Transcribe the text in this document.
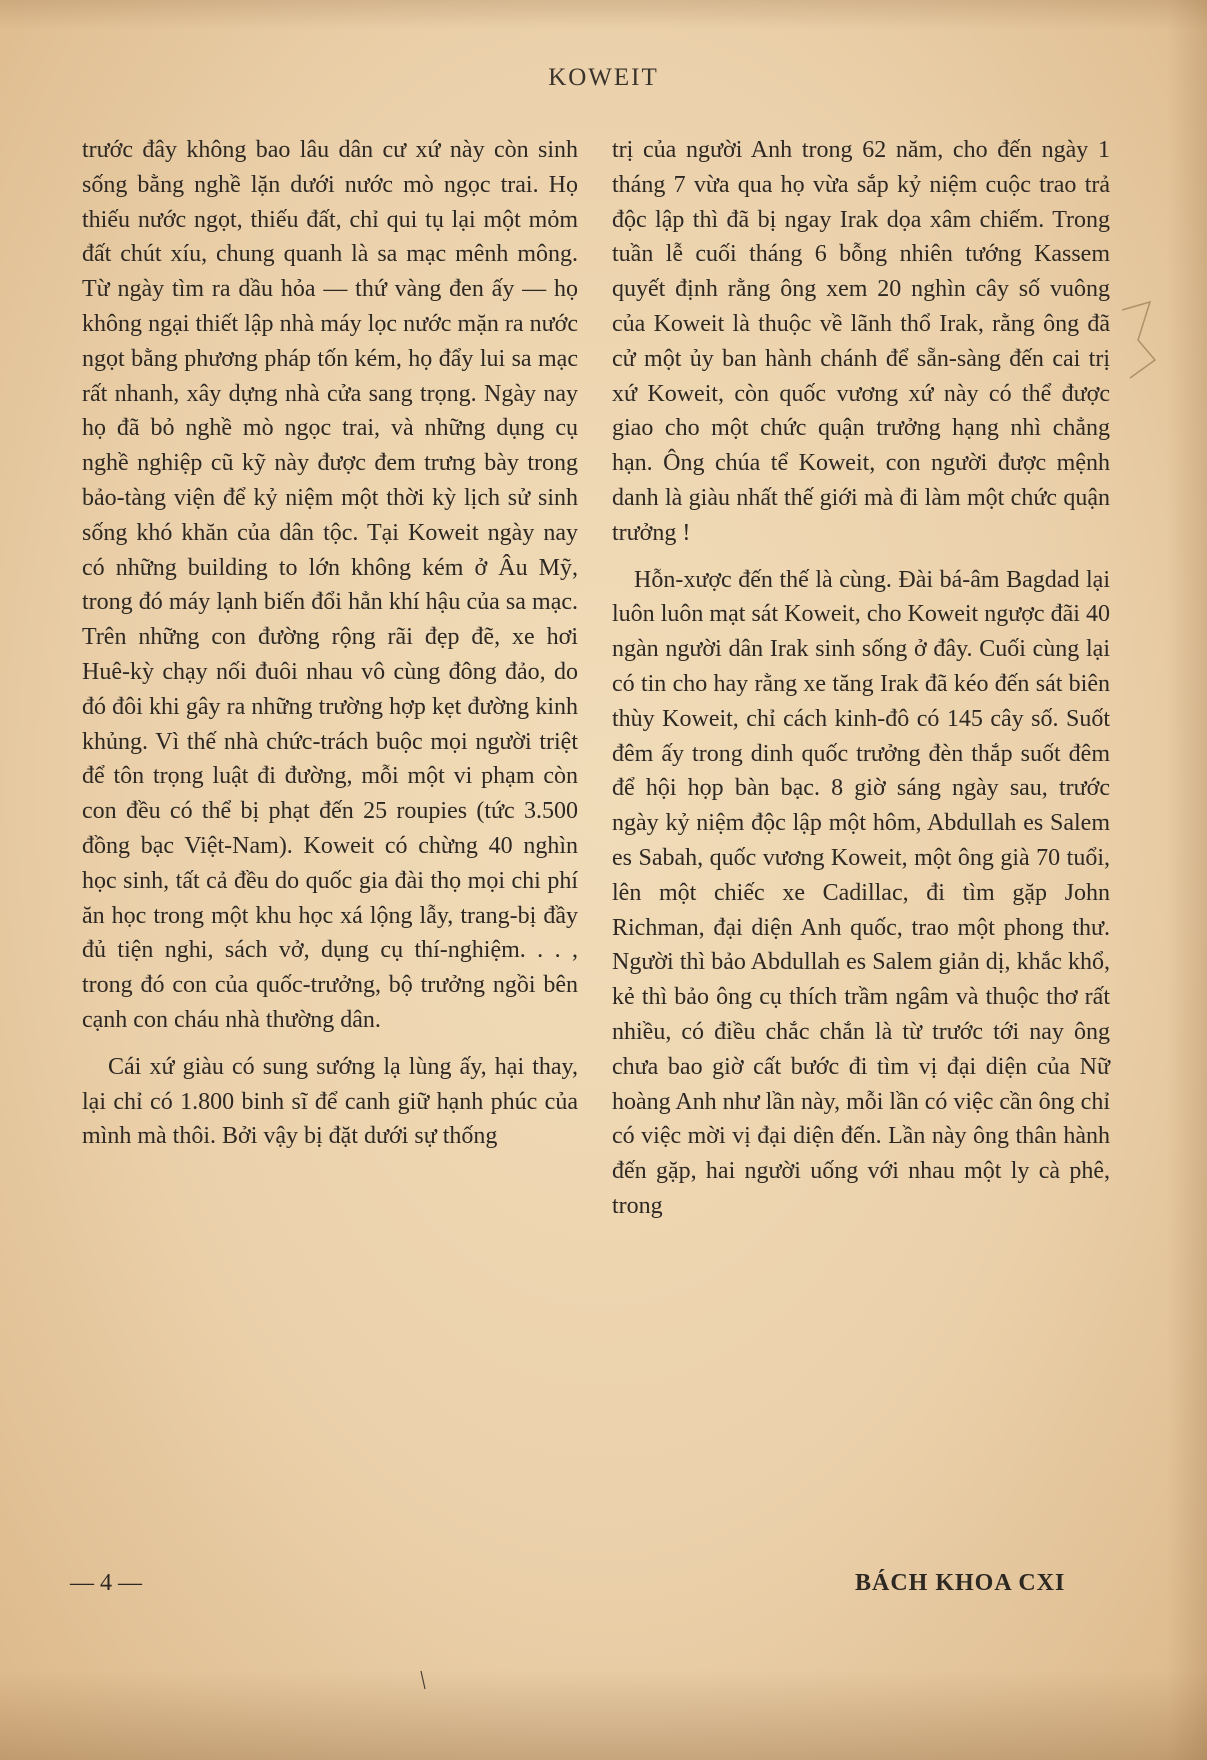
KOWEIT

trước đây không bao lâu dân cư xứ này còn sinh sống bằng nghề lặn dưới nước mò ngọc trai. Họ thiếu nước ngọt, thiếu đất, chỉ qui tụ lại một mỏm đất chút xíu, chung quanh là sa mạc mênh mông. Từ ngày tìm ra dầu hỏa — thứ vàng đen ấy — họ không ngại thiết lập nhà máy lọc nước mặn ra nước ngọt bằng phương pháp tốn kém, họ đẩy lui sa mạc rất nhanh, xây dựng nhà cửa sang trọng. Ngày nay họ đã bỏ nghề mò ngọc trai, và những dụng cụ nghề nghiệp cũ kỹ này được đem trưng bày trong bảo-tàng viện để kỷ niệm một thời kỳ lịch sử sinh sống khó khăn của dân tộc. Tại Koweit ngày nay có những building to lớn không kém ở Âu Mỹ, trong đó máy lạnh biến đổi hẳn khí hậu của sa mạc. Trên những con đường rộng rãi đẹp đẽ, xe hơi Huê-kỳ chạy nối đuôi nhau vô cùng đông đảo, do đó đôi khi gây ra những trường hợp kẹt đường kinh khủng. Vì thế nhà chức-trách buộc mọi người triệt để tôn trọng luật đi đường, mỗi một vi phạm còn con đều có thể bị phạt đến 25 roupies (tức 3.500 đồng bạc Việt-Nam). Koweit có chừng 40 nghìn học sinh, tất cả đều do quốc gia đài thọ mọi chi phí ăn học trong một khu học xá lộng lẫy, trang-bị đầy đủ tiện nghi, sách vở, dụng cụ thí-nghiệm. . . , trong đó con của quốc-trưởng, bộ trưởng ngồi bên cạnh con cháu nhà thường dân.

Cái xứ giàu có sung sướng lạ lùng ấy, hại thay, lại chỉ có 1.800 binh sĩ để canh giữ hạnh phúc của mình mà thôi. Bởi vậy bị đặt dưới sự thống

trị của người Anh trong 62 năm, cho đến ngày 1 tháng 7 vừa qua họ vừa sắp kỷ niệm cuộc trao trả độc lập thì đã bị ngay Irak dọa xâm chiếm. Trong tuần lễ cuối tháng 6 bỗng nhiên tướng Kassem quyết định rằng ông xem 20 nghìn cây số vuông của Koweit là thuộc về lãnh thổ Irak, rằng ông đã cử một ủy ban hành chánh để sẵn-sàng đến cai trị xứ Koweit, còn quốc vương xứ này có thể được giao cho một chức quận trưởng hạng nhì chẳng hạn. Ông chúa tể Koweit, con người được mệnh danh là giàu nhất thế giới mà đi làm một chức quận trưởng !

Hỗn-xược đến thế là cùng. Đài bá-âm Bagdad lại luôn luôn mạt sát Koweit, cho Koweit ngược đãi 40 ngàn người dân Irak sinh sống ở đây. Cuối cùng lại có tin cho hay rằng xe tăng Irak đã kéo đến sát biên thùy Koweit, chỉ cách kinh-đô có 145 cây số. Suốt đêm ấy trong dinh quốc trưởng đèn thắp suốt đêm để hội họp bàn bạc. 8 giờ sáng ngày sau, trước ngày kỷ niệm độc lập một hôm, Abdullah es Salem es Sabah, quốc vương Koweit, một ông già 70 tuổi, lên một chiếc xe Cadillac, đi tìm gặp John Richman, đại diện Anh quốc, trao một phong thư. Người thì bảo Abdullah es Salem giản dị, khắc khổ, kẻ thì bảo ông cụ thích trầm ngâm và thuộc thơ rất nhiều, có điều chắc chắn là từ trước tới nay ông chưa bao giờ cất bước đi tìm vị đại diện của Nữ hoàng Anh như lần này, mỗi lần có việc cần ông chỉ có việc mời vị đại diện đến. Lần này ông thân hành đến gặp, hai người uống với nhau một ly cà phê, trong

— 4 —	BÁCH KHOA CXI
